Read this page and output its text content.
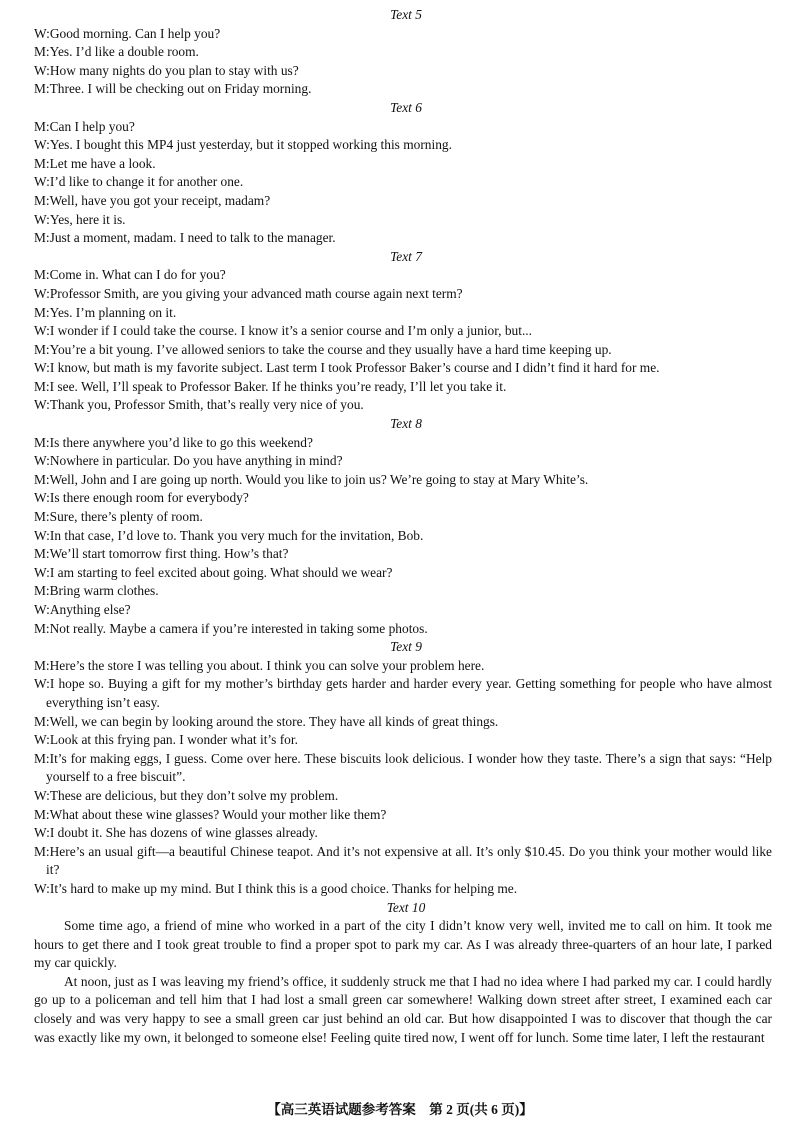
Text 5
W:Good morning. Can I help you?
M:Yes. I’d like a double room.
W:How many nights do you plan to stay with us?
M:Three. I will be checking out on Friday morning.
Text 6
M:Can I help you?
W:Yes. I bought this MP4 just yesterday, but it stopped working this morning.
M:Let me have a look.
W:I’d like to change it for another one.
M:Well, have you got your receipt, madam?
W:Yes, here it is.
M:Just a moment, madam. I need to talk to the manager.
Text 7
M:Come in. What can I do for you?
W:Professor Smith, are you giving your advanced math course again next term?
M:Yes. I’m planning on it.
W:I wonder if I could take the course. I know it’s a senior course and I’m only a junior, but...
M:You’re a bit young. I’ve allowed seniors to take the course and they usually have a hard time keeping up.
W:I know, but math is my favorite subject. Last term I took Professor Baker’s course and I didn’t find it hard for me.
M:I see. Well, I’ll speak to Professor Baker. If he thinks you’re ready, I’ll let you take it.
W:Thank you, Professor Smith, that’s really very nice of you.
Text 8
M:Is there anywhere you’d like to go this weekend?
W:Nowhere in particular. Do you have anything in mind?
M:Well, John and I are going up north. Would you like to join us? We’re going to stay at Mary White’s.
W:Is there enough room for everybody?
M:Sure, there’s plenty of room.
W:In that case, I’d love to. Thank you very much for the invitation, Bob.
M:We’ll start tomorrow first thing. How’s that?
W:I am starting to feel excited about going. What should we wear?
M:Bring warm clothes.
W:Anything else?
M:Not really. Maybe a camera if you’re interested in taking some photos.
Text 9
M:Here’s the store I was telling you about. I think you can solve your problem here.
W:I hope so. Buying a gift for my mother’s birthday gets harder and harder every year. Getting something for people who have almost everything isn’t easy.
M:Well, we can begin by looking around the store. They have all kinds of great things.
W:Look at this frying pan. I wonder what it’s for.
M:It’s for making eggs, I guess. Come over here. These biscuits look delicious. I wonder how they taste. There’s a sign that says: “Help yourself to a free biscuit”.
W:These are delicious, but they don’t solve my problem.
M:What about these wine glasses? Would your mother like them?
W:I doubt it. She has dozens of wine glasses already.
M:Here’s an usual gift—a beautiful Chinese teapot. And it’s not expensive at all. It’s only $10.45. Do you think your mother would like it?
W:It’s hard to make up my mind. But I think this is a good choice. Thanks for helping me.
Text 10
Some time ago, a friend of mine who worked in a part of the city I didn’t know very well, invited me to call on him. It took me hours to get there and I took great trouble to find a proper spot to park my car. As I was already three-quarters of an hour late, I parked my car quickly.
At noon, just as I was leaving my friend’s office, it suddenly struck me that I had no idea where I had parked my car. I could hardly go up to a policeman and tell him that I had lost a small green car somewhere! Walking down street after street, I examined each car closely and was very happy to see a small green car just behind an old car. But how disappointed I was to discover that though the car was exactly like my own, it belonged to someone else! Feeling quite tired now, I went off for lunch. Some time later, I left the restaurant
【高三英语试题参考答案　第 2 页(共 6 页)】
